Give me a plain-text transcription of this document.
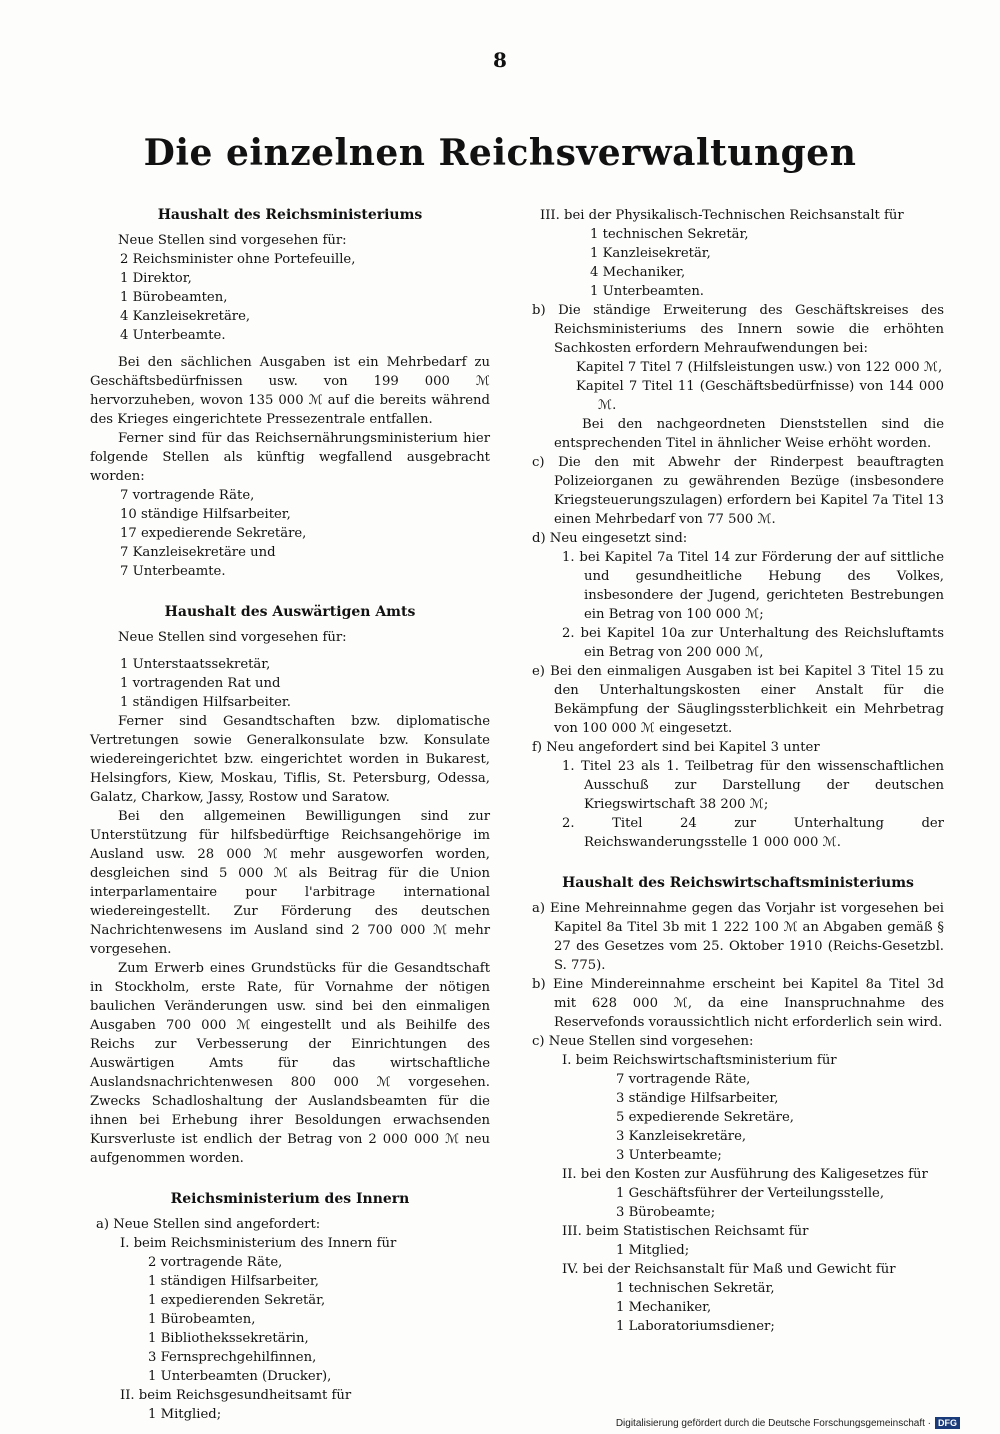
8
Die einzelnen Reichsverwaltungen
Haushalt des Reichsministeriums

Neue Stellen sind vorgesehen für:

2 Reichsminister ohne Portefeuille,
1 Direktor,
1 Bürobeamten,
4 Kanzleisekretäre,
4 Unterbeamte.

Bei den sächlichen Ausgaben ist ein Mehrbedarf zu Geschäftsbedürfnissen usw. von 199 000 ℳ hervorzuheben, wovon 135 000 ℳ auf die bereits während des Krieges eingerichtete Pressezentrale entfallen.

Ferner sind für das Reichsernährungsministerium hier folgende Stellen als künftig wegfallend ausgebracht worden:

7 vortragende Räte,
10 ständige Hilfsarbeiter,
17 expedierende Sekretäre,
7 Kanzleisekretäre und
7 Unterbeamte.
Haushalt des Auswärtigen Amts

Neue Stellen sind vorgesehen für:

1 Unterstaatssekretär,
1 vortragenden Rat und
1 ständigen Hilfsarbeiter.

Ferner sind Gesandtschaften bzw. diplomatische Vertretungen sowie Generalkonsulate bzw. Konsulate wiedereingerichtet bzw. eingerichtet worden in Bukarest, Helsingfors, Kiew, Moskau, Tiflis, St. Petersburg, Odessa, Galatz, Charkow, Jassy, Rostow und Saratow.

Bei den allgemeinen Bewilligungen sind zur Unterstützung für hilfsbedürftige Reichsangehörige im Ausland usw. 28 000 ℳ mehr ausgeworfen worden, desgleichen sind 5 000 ℳ als Beitrag für die Union interparlamentaire pour l'arbitrage international wiedereingestellt. Zur Förderung des deutschen Nachrichtenwesens im Ausland sind 2 700 000 ℳ mehr vorgesehen.

Zum Erwerb eines Grundstücks für die Gesandtschaft in Stockholm, erste Rate, für Vornahme der nötigen baulichen Veränderungen usw. sind bei den einmaligen Ausgaben 700 000 ℳ eingestellt und als Beihilfe des Reichs zur Verbesserung der Einrichtungen des Auswärtigen Amts für das wirtschaftliche Auslandsnachrichtenwesen 800 000 ℳ vorgesehen. Zwecks Schadloshaltung der Auslandsbeamten für die ihnen bei Erhebung ihrer Besoldungen erwachsenden Kursverluste ist endlich der Betrag von 2 000 000 ℳ neu aufgenommen worden.

Reichsministerium des Innern

a) Neue Stellen sind angefordert:

I. beim Reichsministerium des Innern für
2 vortragende Räte,
1 ständigen Hilfsarbeiter,
1 expedierenden Sekretär,
1 Bürobeamten,
1 Bibliothekssekretärin,
3 Fernsprechgehilfinnen,
1 Unterbeamten (Drucker),
II. beim Reichsgesundheitsamt für
1 Mitglied;
III. bei der Physikalisch-Technischen Reichsanstalt für
1 technischen Sekretär,
1 Kanzleisekretär,
4 Mechaniker,
1 Unterbeamten.

b) Die ständige Erweiterung des Geschäftskreises des Reichsministeriums des Innern sowie die erhöhten Sachkosten erfordern Mehraufwendungen bei:

Kapitel 7 Titel 7 (Hilfsleistungen usw.) von 122 000 ℳ,

Kapitel 7 Titel 11 (Geschäftsbedürfnisse) von 144 000 ℳ.

Bei den nachgeordneten Dienststellen sind die entsprechenden Titel in ähnlicher Weise erhöht worden.

c) Die den mit Abwehr der Rinderpest beauftragten Polizeiorganen zu gewährenden Bezüge (insbesondere Kriegsteuerungszulagen) erfordern bei Kapitel 7a Titel 13 einen Mehrbedarf von 77 500 ℳ.

d) Neu eingesetzt sind:

1. bei Kapitel 7a Titel 14 zur Förderung der auf sittliche und gesundheitliche Hebung des Volkes, insbesondere der Jugend, gerichteten Bestrebungen ein Betrag von 100 000 ℳ;

2. bei Kapitel 10a zur Unterhaltung des Reichsluftamts ein Betrag von 200 000 ℳ,

e) Bei den einmaligen Ausgaben ist bei Kapitel 3 Titel 15 zu den Unterhaltungskosten einer Anstalt für die Bekämpfung der Säuglingssterblichkeit ein Mehrbetrag von 100 000 ℳ eingesetzt.

f) Neu angefordert sind bei Kapitel 3 unter

1. Titel 23 als 1. Teilbetrag für den wissenschaftlichen Ausschuß zur Darstellung der deutschen Kriegswirtschaft 38 200 ℳ;

2. Titel 24 zur Unterhaltung der Reichswanderungsstelle 1 000 000 ℳ.

Haushalt des Reichswirtschaftsministeriums

a) Eine Mehreinnahme gegen das Vorjahr ist vorgesehen bei Kapitel 8a Titel 3b mit 1 222 100 ℳ an Abgaben gemäß § 27 des Gesetzes vom 25. Oktober 1910 (Reichs-Gesetzbl. S. 775).

b) Eine Mindereinnahme erscheint bei Kapitel 8a Titel 3d mit 628 000 ℳ, da eine Inanspruchnahme des Reservefonds voraussichtlich nicht erforderlich sein wird.

c) Neue Stellen sind vorgesehen:

I. beim Reichswirtschaftsministerium für
7 vortragende Räte,
3 ständige Hilfsarbeiter,
5 expedierende Sekretäre,
3 Kanzleisekretäre,
3 Unterbeamte;
II. bei den Kosten zur Ausführung des Kaligesetzes für
1 Geschäftsführer der Verteilungsstelle,
3 Bürobeamte;
III. beim Statistischen Reichsamt für
1 Mitglied;
IV. bei der Reichsanstalt für Maß und Gewicht für
1 technischen Sekretär,
1 Mechaniker,
1 Laboratoriumsdiener;
Digitalisierung gefördert durch die Deutsche Forschungsgemeinschaft · DFG
